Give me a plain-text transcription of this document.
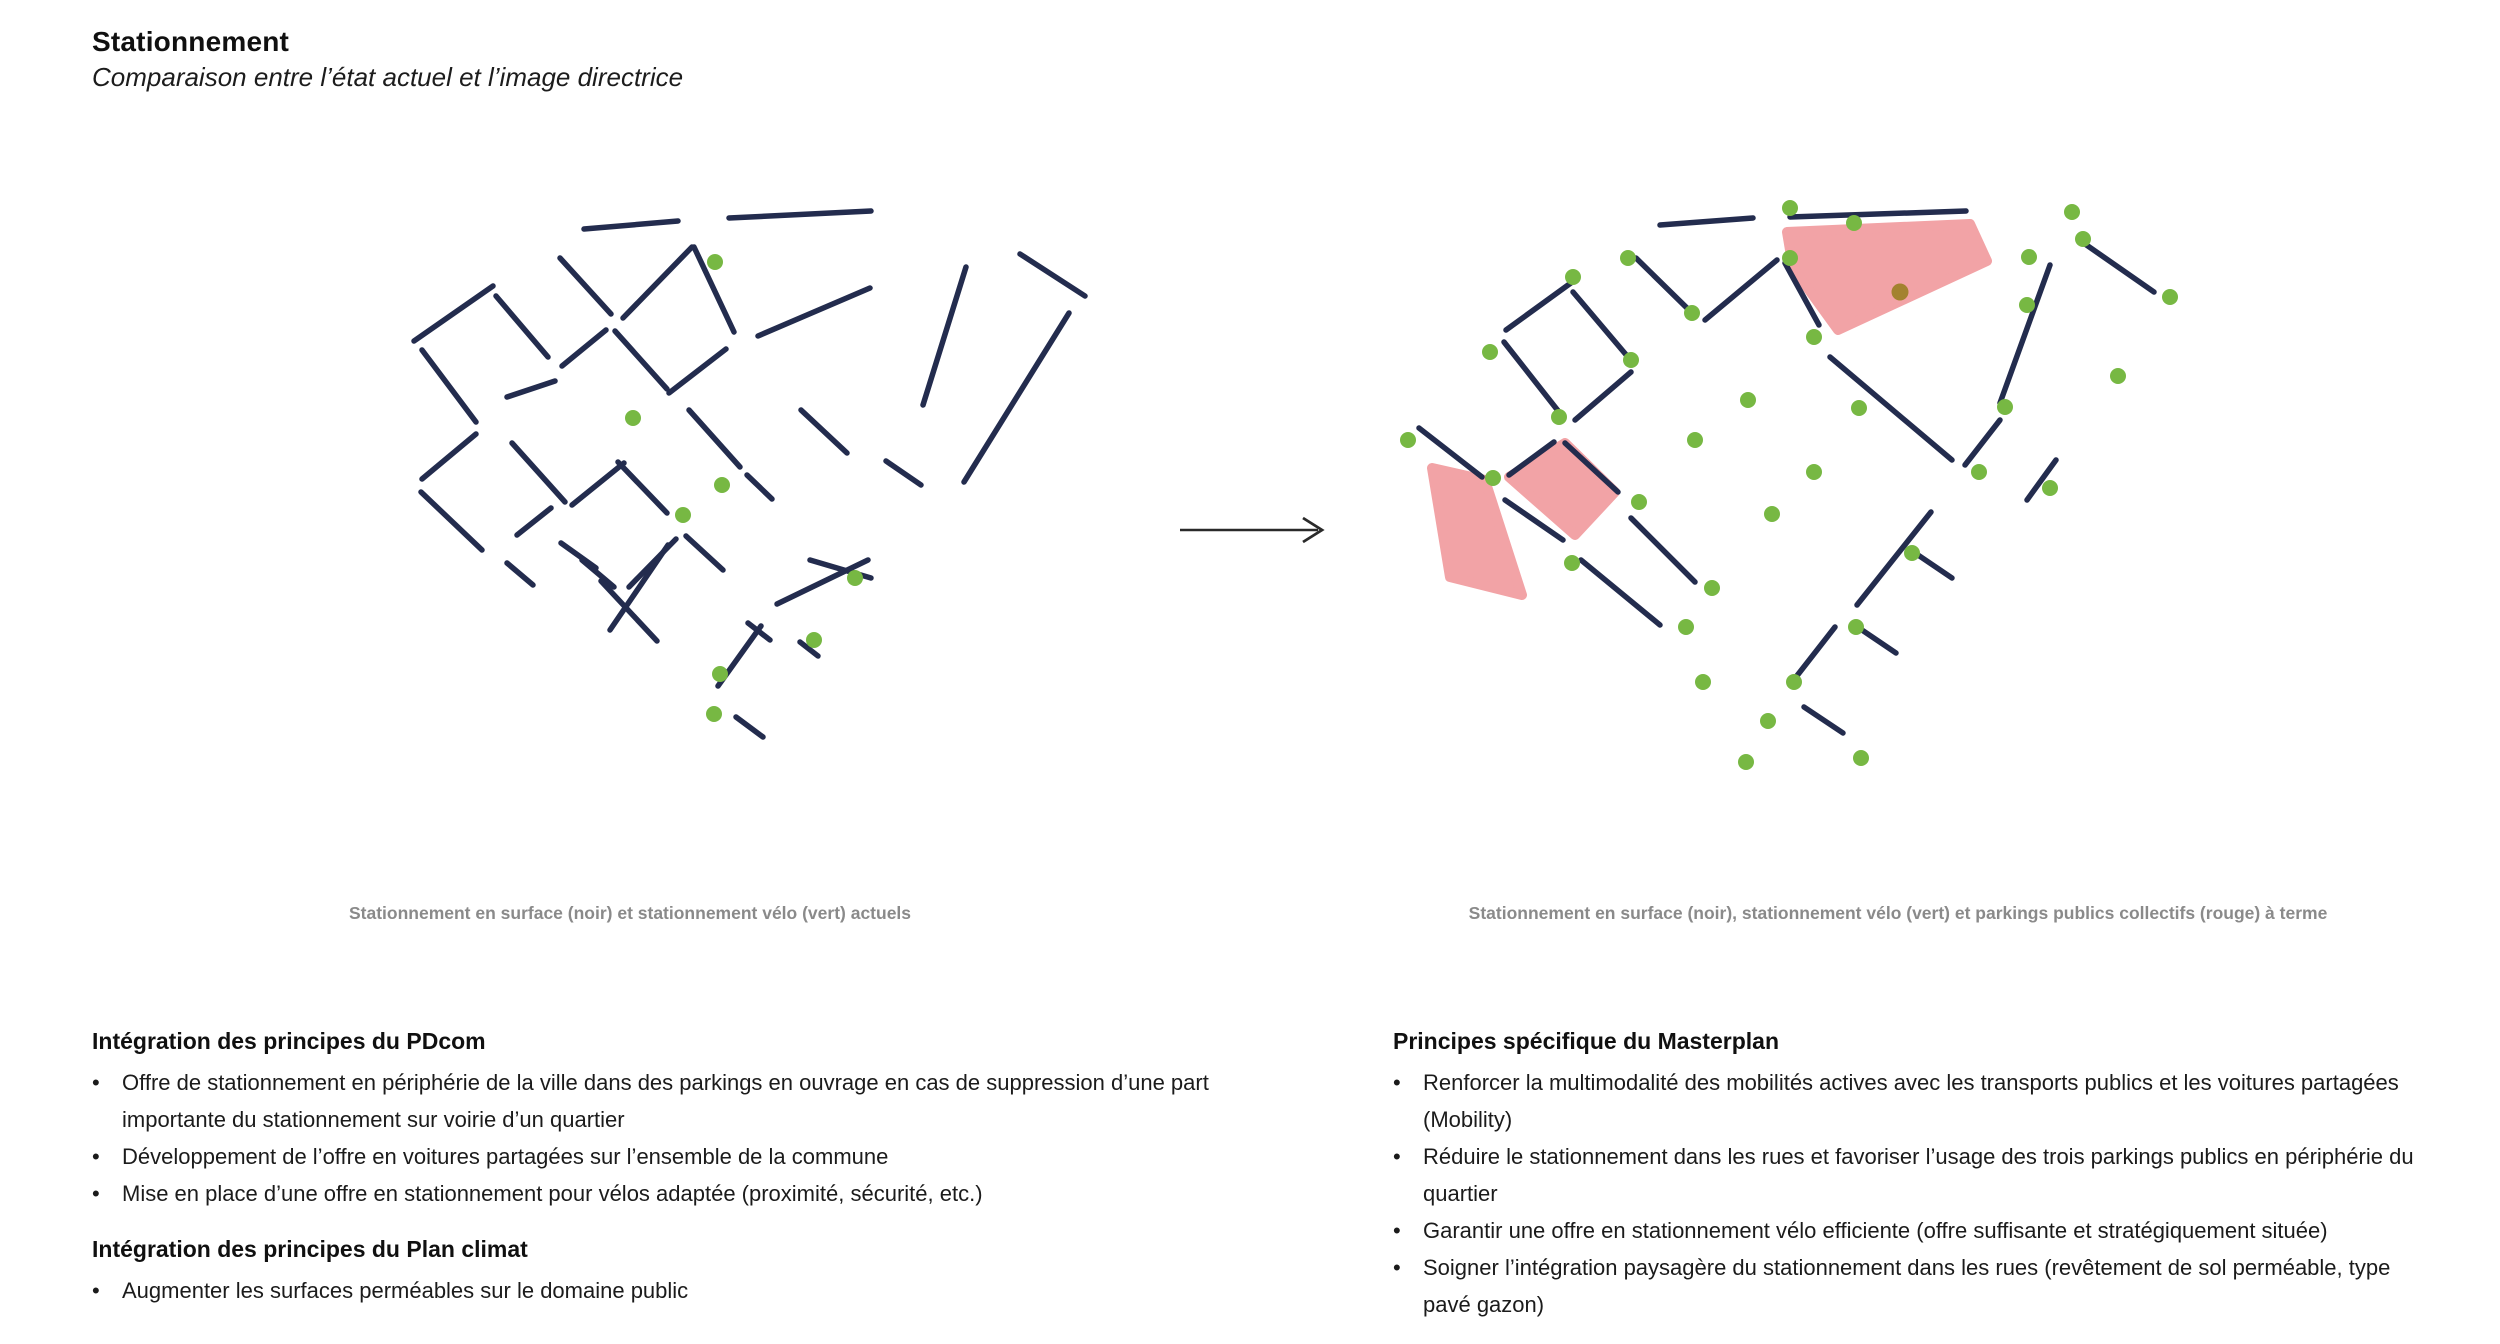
Stationnement
Comparaison entre l’état actuel et l’image directrice
Stationnement en surface (noir) et stationnement vélo (vert) actuels	Stationnement en surface (noir), stationnement vélo (vert) et parkings publics collectifs (rouge) à terme
Intégration des principes du PDcom
•	Offre de stationnement en périphérie de la ville dans des parkings en ouvrage en cas de suppression d’une part importante du stationnement sur voirie d’un quartier
•	Développement de l’offre en voitures partagées sur l’ensemble de la commune
•	Mise en place d’une offre en stationnement pour vélos adaptée (proximité, sécurité, etc.)
Intégration des principes du Plan climat
•	Augmenter les surfaces perméables sur le domaine public
Principes spécifique du Masterplan
•	Renforcer la multimodalité des mobilités actives avec les transports publics et les voitures partagées (Mobility)
•	Réduire le stationnement dans les rues et favoriser l’usage des trois parkings publics en périphérie du quartier
•	Garantir une offre en stationnement vélo efficiente (offre suffisante et stratégiquement située)
•	Soigner l’intégration paysagère du stationnement dans les rues (revêtement de sol perméable, type pavé gazon)
